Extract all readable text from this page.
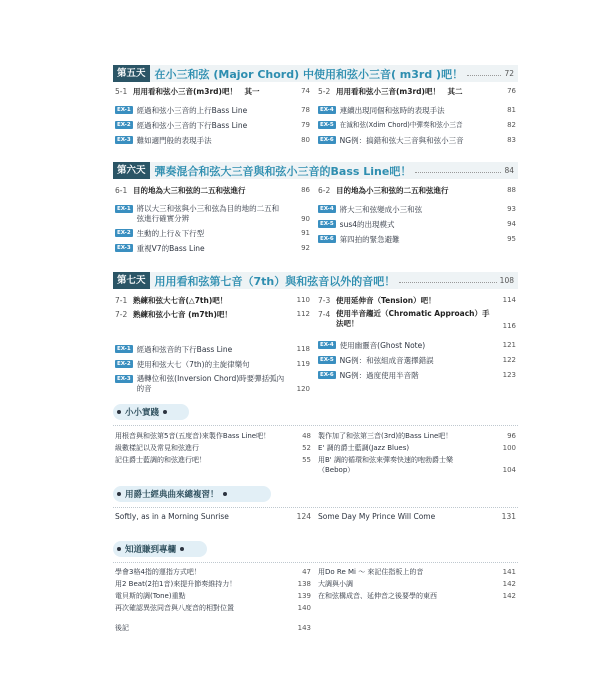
第五天 在小三和弦 (Major Chord) 中使用和弦小三音( m3rd )吧！	72
5-1 用用看和弦小三音(m3rd)吧！　其一	74
EX-1 經過和弦小三音的上行Bass Line	78
EX-2 經過和弦小三音的下行Bass Line	79
EX-3 難如適門般的表現手法	80
5-2 用用看和弦小三音(m3rd)吧！　其二	76
EX-4 連續出現同個和弦時的表現手法	81
EX-5 在減和弦(Xdim Chord)中彈奏和弦小三音	82
EX-6 NG例：搞錯和弦大三音與和弦小三音	83
第六天 彈奏混合和弦大三音與和弦小三音的Bass Line吧！	84
6-1 目的地為大三和弦的二五和弦進行	86
EX-1 將以大三和弦與小三和弦為目的地的二五和弦進行確實分辨	90
EX-2 生動的上行＆下行型	91
EX-3 重視V7的Bass Line	92
6-2 目的地為小三和弦的二五和弦進行	88
EX-4 將大三和弦變成小三和弦	93
EX-5 sus4的出現模式	94
EX-6 第四拍的緊急避難	95
第七天 用用看和弦第七音（7th）與和弦音以外的音吧！	108
7-1 熟練和弦大七音(△7th)吧！	110
7-2 熟練和弦小七音 (m7th)吧！	112
EX-1 經過和弦音的下行Bass Line	118
EX-2 使用和弦大七（7th)的主旋律樂句	119
EX-3 遇轉位和弦(Inversion Chord)時要彈括弧內的音	120
7-3 使用延伸音（Tension）吧！	114
7-4 使用半音趨近（Chromatic Approach）手法吧！	116
EX-4 使用幽靈音(Ghost Note)	121
EX-5 NG例：和弦組成音選擇錯誤	122
EX-6 NG例：過度使用半音階	123
小小實踐
用根音與和弦第5音(五度音)來製作Bass Line吧！	48
級數樣記以及常見和弦進行	52
記住爵士藍調的和弦進行吧！	55
製作加了和弦第三音(3rd)的Bass Line吧！	96
E' 調的爵士藍調(Jazz Blues)	100
用B' 調的循環和弦來彈奏快速的咆勃爵士樂（Bebop）	104
用爵士經典曲來總複習！
Softly, as in a Morning Sunrise	124 Some Day My Prince Will Come	131
知道賺到專欄
學會3格4指的運指方式吧！	47
用2 Beat(2拍1音)來提升節奏維持力！	138
電貝斯的調(Tone)重點	139
再次確認異弦同音與八度音的相對位置	140
後記	143
用Do Re Mi ～ 來記住指板上的音	141
大調與小調	142
在和弦構成音、延伸音之後要學的東西	142
